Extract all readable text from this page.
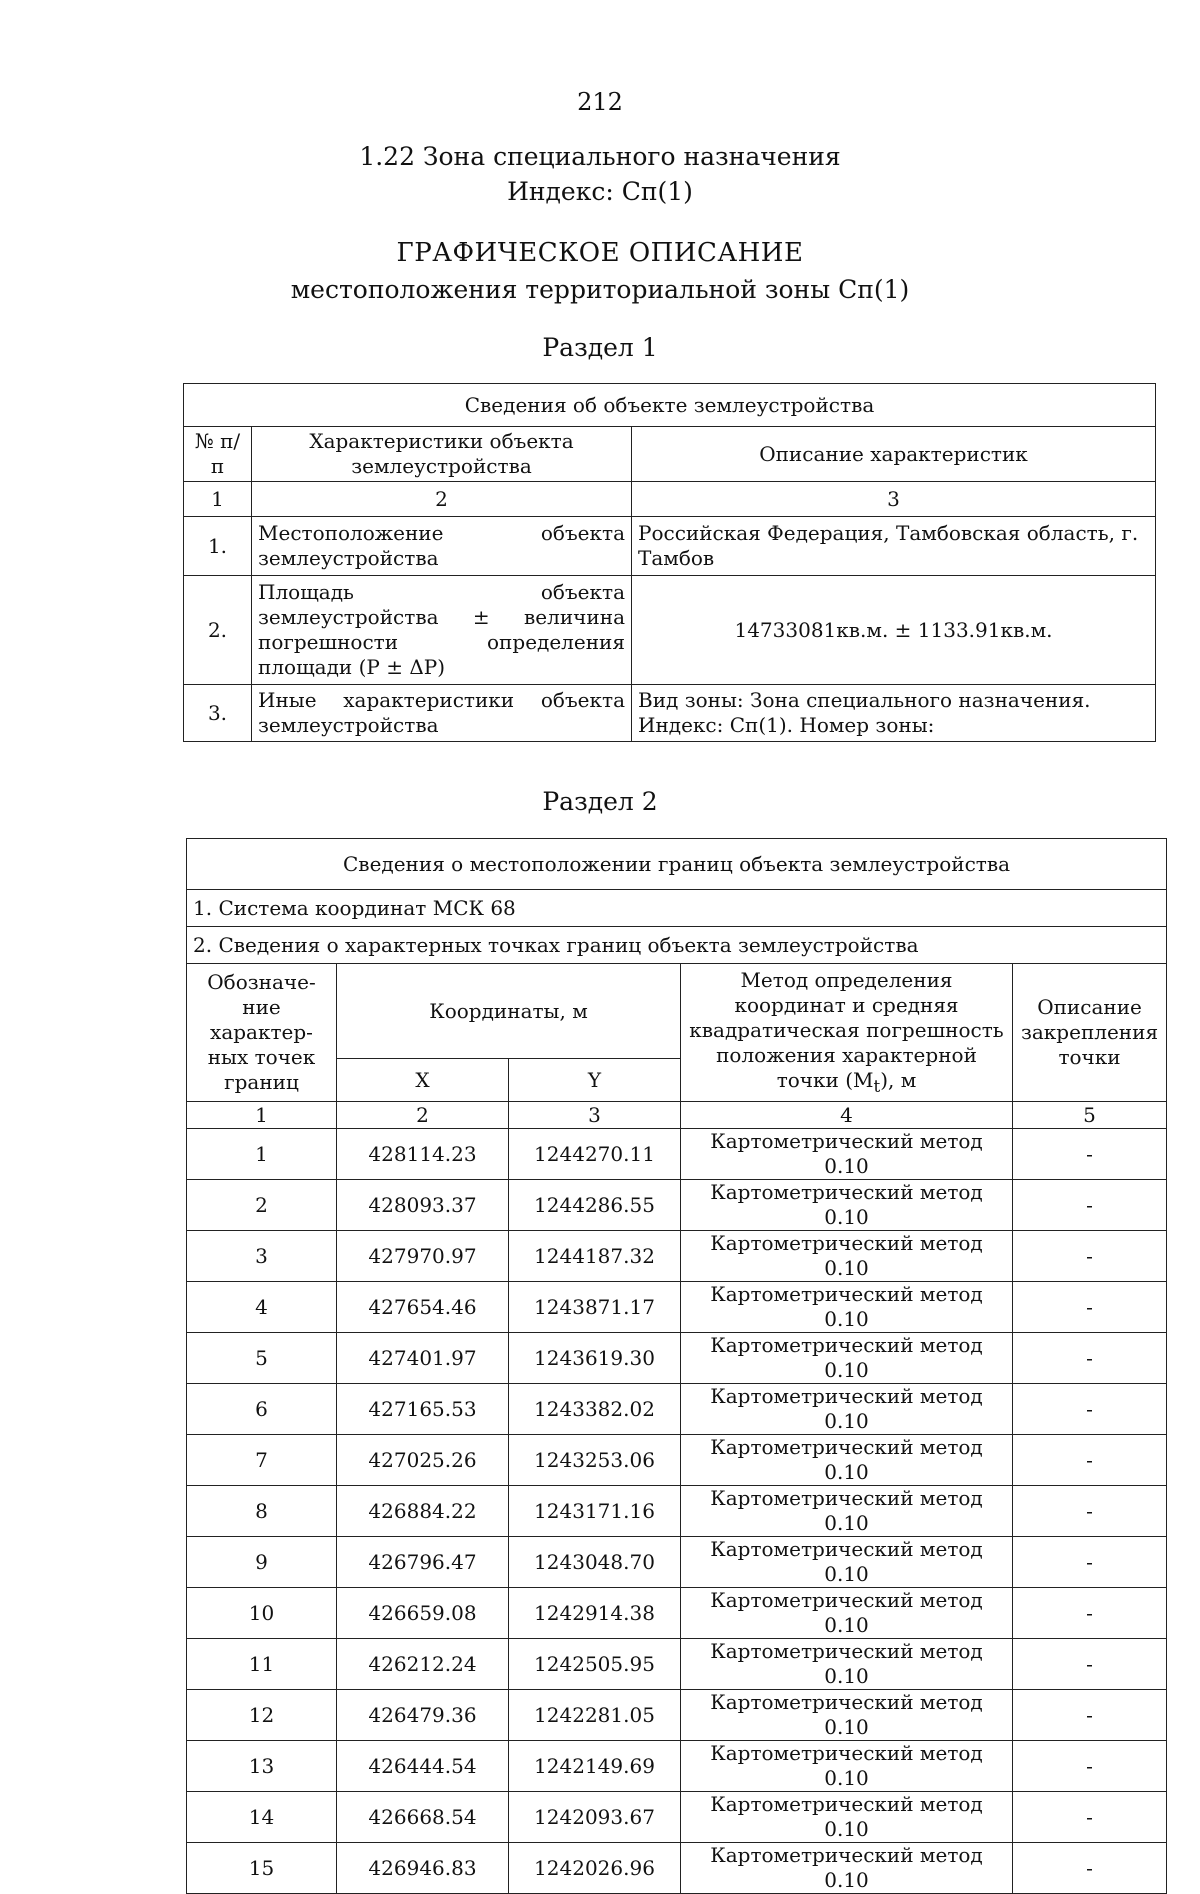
212
1.22 Зона специального назначения
Индекс: Сп(1)
ГРАФИЧЕСКОЕ ОПИСАНИЕ
местоположения территориальной зоны Сп(1)
Раздел 1
Сведения об объекте землеустройства		
№ п/п	Характеристики объекта землеустройства	Описание характеристик
1	2	3
1.	Местоположение объекта землеустройства	Российская Федерация, Тамбовская область, г. Тамбов
2.	Площадь объекта землеустройства ± величина погрешности определения площади (P ± ΔP)	14733081кв.м. ± 1133.91кв.м.
3.	Иные характеристики объекта землеустройства	Вид зоны: Зона специального назначения. Индекс: Сп(1). Номер зоны:
Раздел 2
Сведения о местоположении границ объекта землеустройства				
1. Система координат МСК 68				
2. Сведения о характерных точках границ объекта землеустройства				
Обозначе-ние характер-ных точек границ	Координаты, м		Метод определения координат и средняя квадратическая погрешность положения характерной точки $(M_t)$, м	Описание закрепления точки
	X	Y		
1	2	3	4	5
1	428114.23	1244270.11	Картометрический метод 0.10	-
2	428093.37	1244286.55	Картометрический метод 0.10	-
3	427970.97	1244187.32	Картометрический метод 0.10	-
4	427654.46	1243871.17	Картометрический метод 0.10	-
5	427401.97	1243619.30	Картометрический метод 0.10	-
6	427165.53	1243382.02	Картометрический метод 0.10	-
7	427025.26	1243253.06	Картометрический метод 0.10	-
8	426884.22	1243171.16	Картометрический метод 0.10	-
9	426796.47	1243048.70	Картометрический метод 0.10	-
10	426659.08	1242914.38	Картометрический метод 0.10	-
11	426212.24	1242505.95	Картометрический метод 0.10	-
12	426479.36	1242281.05	Картометрический метод 0.10	-
13	426444.54	1242149.69	Картометрический метод 0.10	-
14	426668.54	1242093.67	Картометрический метод 0.10	-
15	426946.83	1242026.96	Картометрический метод 0.10	-
